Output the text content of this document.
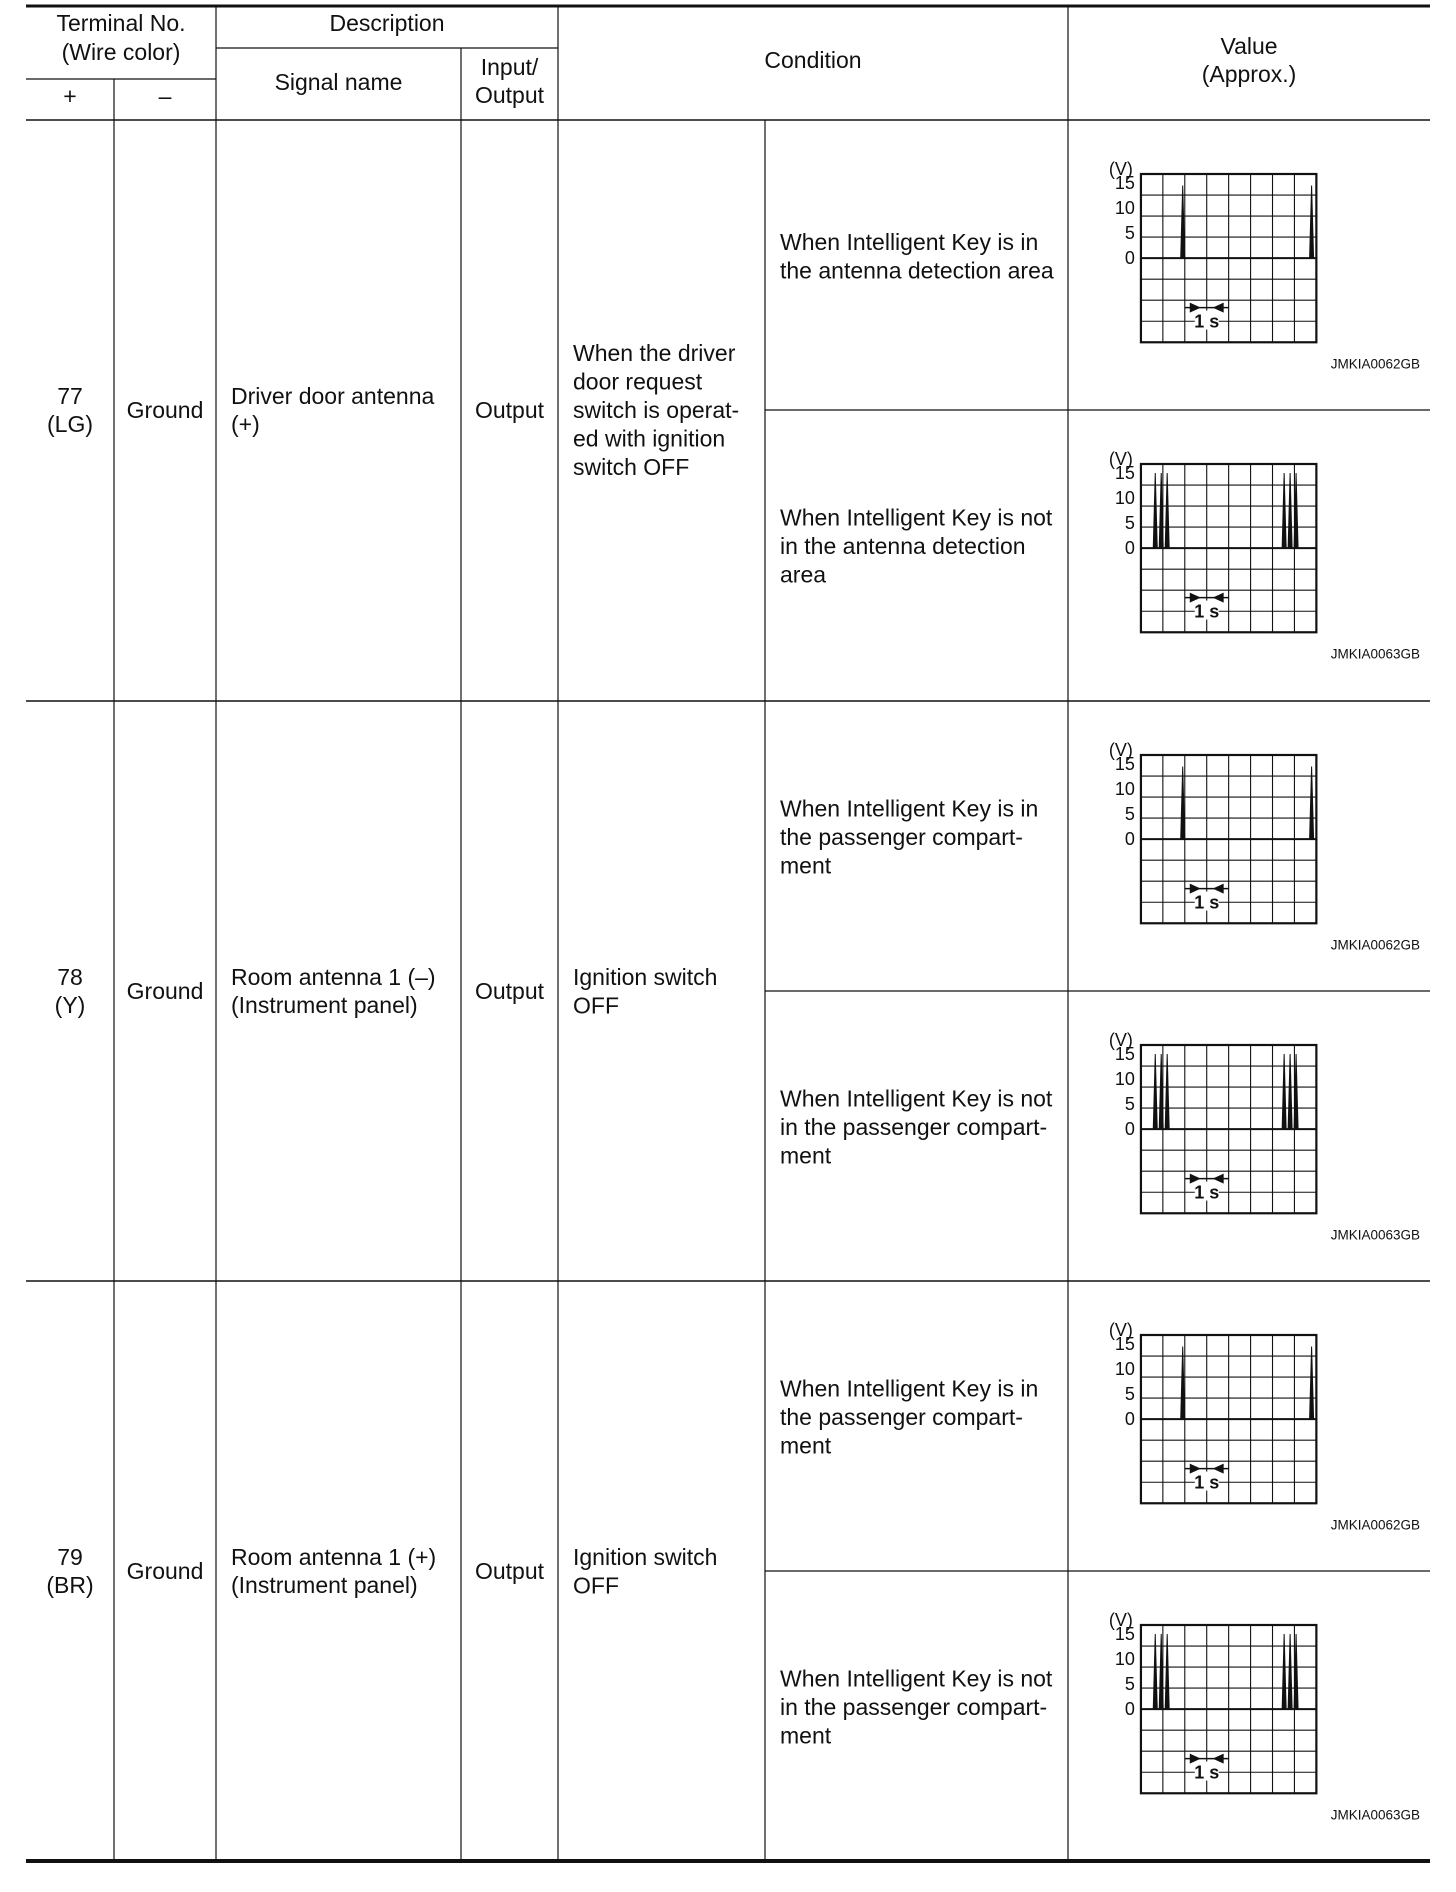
Terminal No.
(Wire color)
+	–
Description
Signal name
Input/
Output
Condition
Value
(Approx.)
77
(LG)
Ground
Driver door antenna
(+)
Output
When the driver
door request
switch is operat-
ed with ignition
switch OFF
When Intelligent Key is in
the antenna detection area
When Intelligent Key is not
in the antenna detection
area
78
(Y)
Ground
Room antenna 1 (–)
(Instrument panel)
Output
Ignition switch
OFF
When Intelligent Key is in
the passenger compart-
ment
When Intelligent Key is not
in the passenger compart-
ment
79
(BR)
Ground
Room antenna 1 (+)
(Instrument panel)
Output
Ignition switch
OFF
When Intelligent Key is in
the passenger compart-
ment
When Intelligent Key is not
in the passenger compart-
ment
15
10
5
0
(V)
1 s
JMKIA0062GB
15
10
5
0
(V)
1 s
JMKIA0063GB
15
10
5
0
(V)
1 s
JMKIA0062GB
15
10
5
0
(V)
1 s
JMKIA0063GB
15
10
5
0
(V)
1 s
JMKIA0062GB
15
10
5
0
(V)
1 s
JMKIA0063GB
